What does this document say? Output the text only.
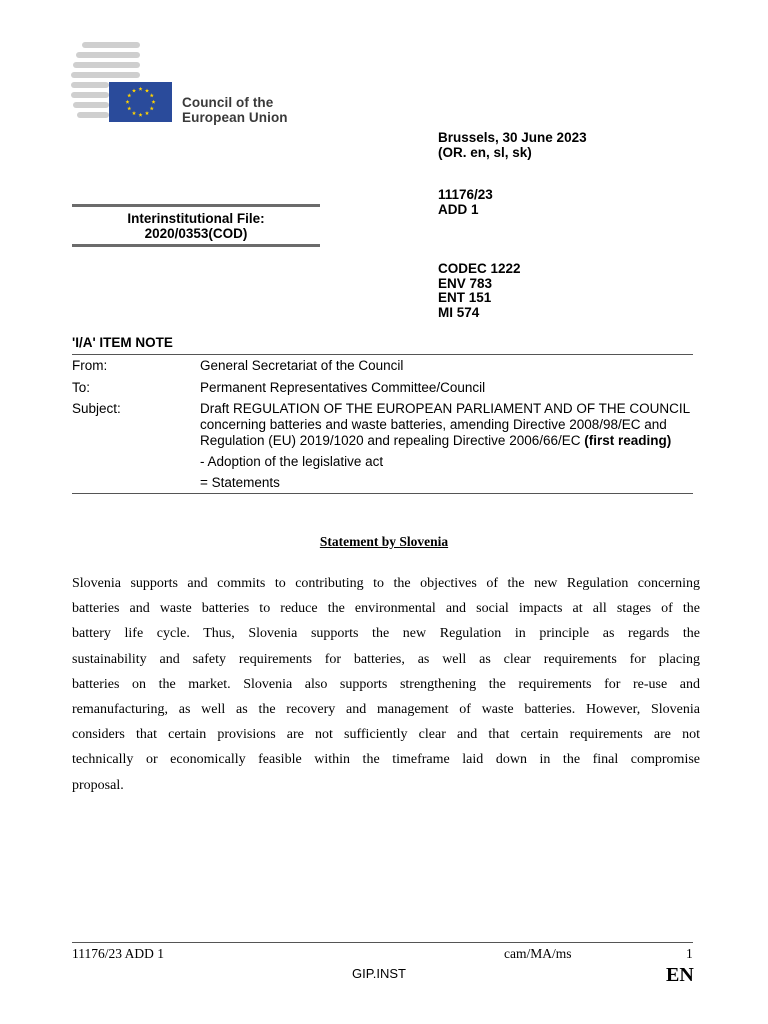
Council of the
European Union
Brussels, 30 June 2023
(OR. en, sl, sk)
11176/23
ADD 1
CODEC 1222
ENV 783
ENT 151
MI 574
Interinstitutional File:
2020/0353(COD)
'I/A' ITEM NOTE
From:	General Secretariat of the Council
To:	Permanent Representatives Committee/Council
Subject:	Draft REGULATION OF THE EUROPEAN PARLIAMENT AND OF THE COUNCIL concerning batteries and waste batteries, amending Directive 2008/98/EC and Regulation (EU) 2019/1020 and repealing Directive 2006/66/EC (first reading)
- Adoption of the legislative act
= Statements
Statement by Slovenia
Slovenia supports and commits to contributing to the objectives of the new Regulation concerning
batteries and waste batteries to reduce the environmental and social impacts at all stages of the
battery life cycle. Thus, Slovenia supports the new Regulation in principle as regards the
sustainability and safety requirements for batteries, as well as clear requirements for placing
batteries on the market. Slovenia also supports strengthening the requirements for re-use and
remanufacturing, as well as the recovery and management of waste batteries. However, Slovenia
considers that certain provisions are not sufficiently clear and that certain requirements are not
technically or economically feasible within the timeframe laid down in the final compromise
proposal.
11176/23 ADD 1	cam/MA/ms	1
GIP.INST	EN
